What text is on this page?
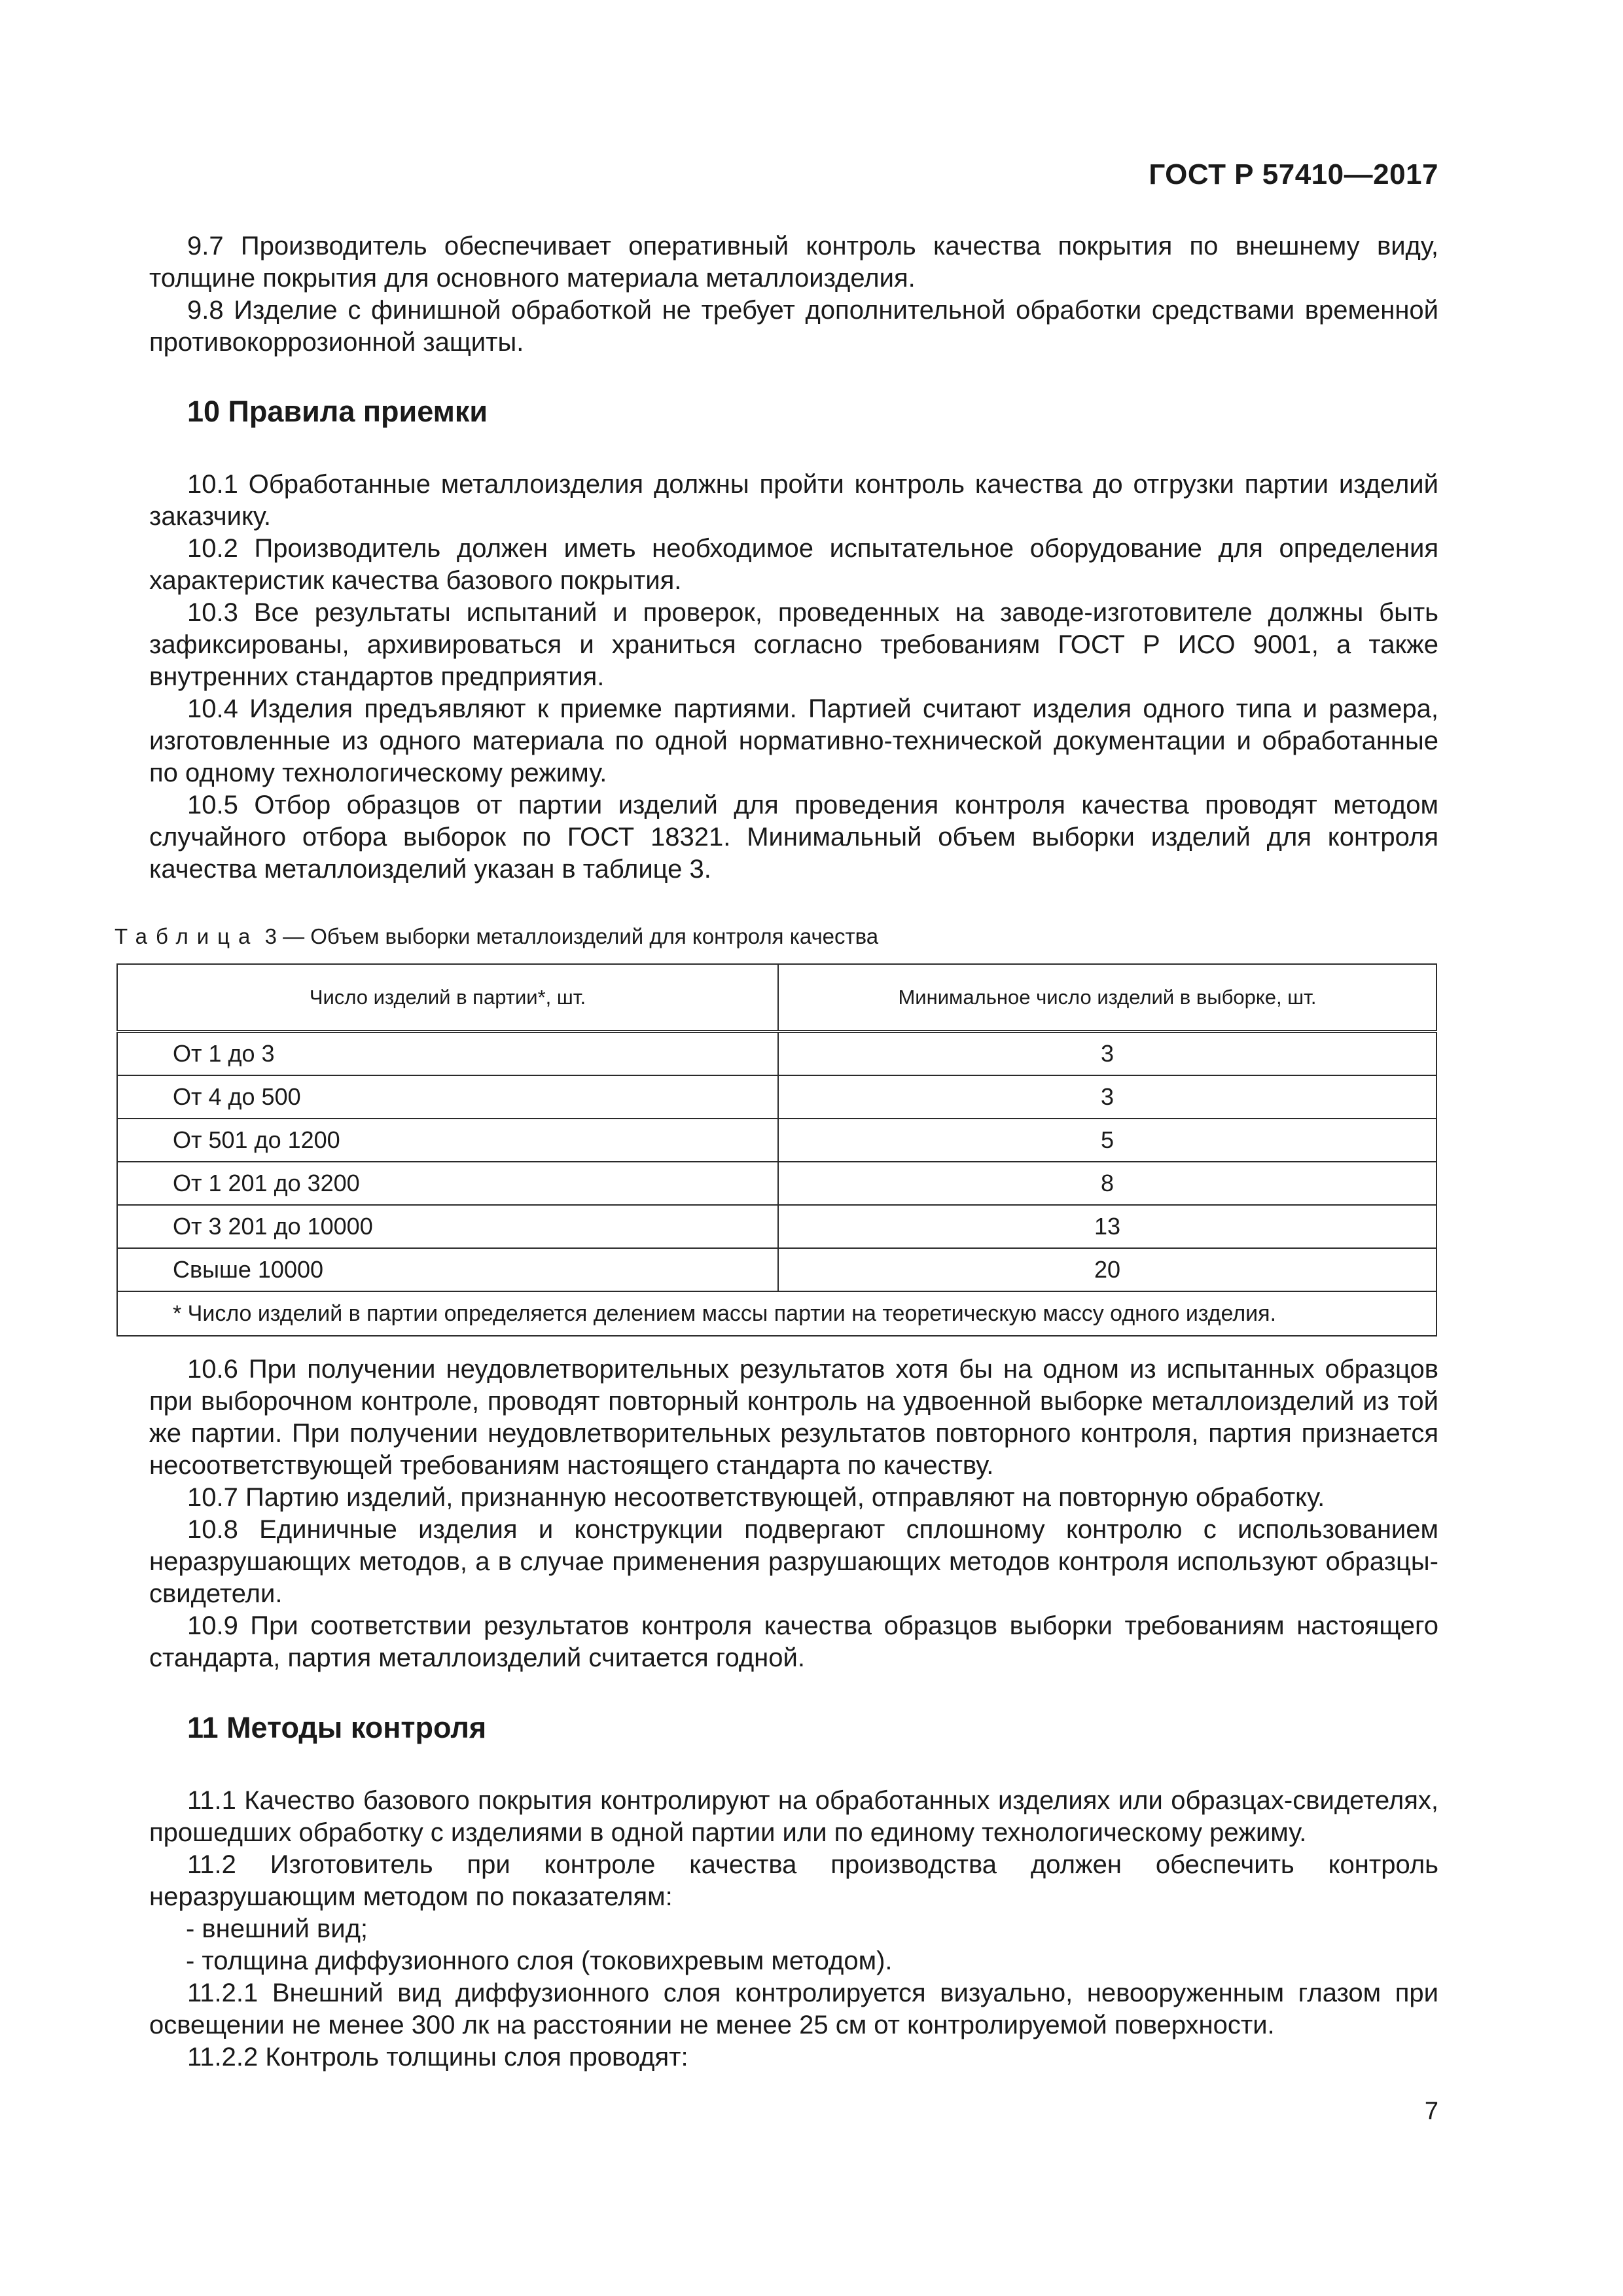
ГОСТ Р 57410—2017

9.7 Производитель обеспечивает оперативный контроль качества покрытия по внешнему виду, толщине покрытия для основного материала металлоизделия.

9.8 Изделие с финишной обработкой не требует дополнительной обработки средствами временной противокоррозионной защиты.

10 Правила приемки

10.1 Обработанные металлоизделия должны пройти контроль качества до отгрузки партии изделий заказчику.

10.2 Производитель должен иметь необходимое испытательное оборудование для определения характеристик качества базового покрытия.

10.3 Все результаты испытаний и проверок, проведенных на заводе-изготовителе должны быть зафиксированы, архивироваться и храниться согласно требованиям ГОСТ Р ИСО 9001, а также внутренних стандартов предприятия.

10.4 Изделия предъявляют к приемке партиями. Партией считают изделия одного типа и размера, изготовленные из одного материала по одной нормативно-технической документации и обработанные по одному технологическому режиму.

10.5 Отбор образцов от партии изделий для проведения контроля качества проводят методом случайного отбора выборок по ГОСТ 18321. Минимальный объем выборки изделий для контроля качества металлоизделий указан в таблице 3.

Таблица 3 — Объем выборки металлоизделий для контроля качества
Число изделий в партии*, шт.	Минимальное число изделий в выборке, шт.
От 1 до 3	3
От 4 до 500	3
От 501 до 1200	5
От 1 201 до 3200	8
От 3 201 до 10000	13
Свыше 10000	20
* Число изделий в партии определяется делением массы партии на теоретическую массу одного изделия.	

10.6 При получении неудовлетворительных результатов хотя бы на одном из испытанных образцов при выборочном контроле, проводят повторный контроль на удвоенной выборке металлоизделий из той же партии. При получении неудовлетворительных результатов повторного контроля, партия признается несоответствующей требованиям настоящего стандарта по качеству.

10.7 Партию изделий, признанную несоответствующей, отправляют на повторную обработку.

10.8 Единичные изделия и конструкции подвергают сплошному контролю с использованием неразрушающих методов, а в случае применения разрушающих методов контроля используют образцы-свидетели.

10.9 При соответствии результатов контроля качества образцов выборки требованиям настоящего стандарта, партия металлоизделий считается годной.

11 Методы контроля

11.1 Качество базового покрытия контролируют на обработанных изделиях или образцах-свидетелях, прошедших обработку с изделиями в одной партии или по единому технологическому режиму.

11.2 Изготовитель при контроле качества производства должен обеспечить контроль неразрушающим методом по показателям:

- внешний вид;
- толщина диффузионного слоя (токовихревым методом).

11.2.1 Внешний вид диффузионного слоя контролируется визуально, невооруженным глазом при освещении не менее 300 лк на расстоянии не менее 25 см от контролируемой поверхности.

11.2.2 Контроль толщины слоя проводят:

7
